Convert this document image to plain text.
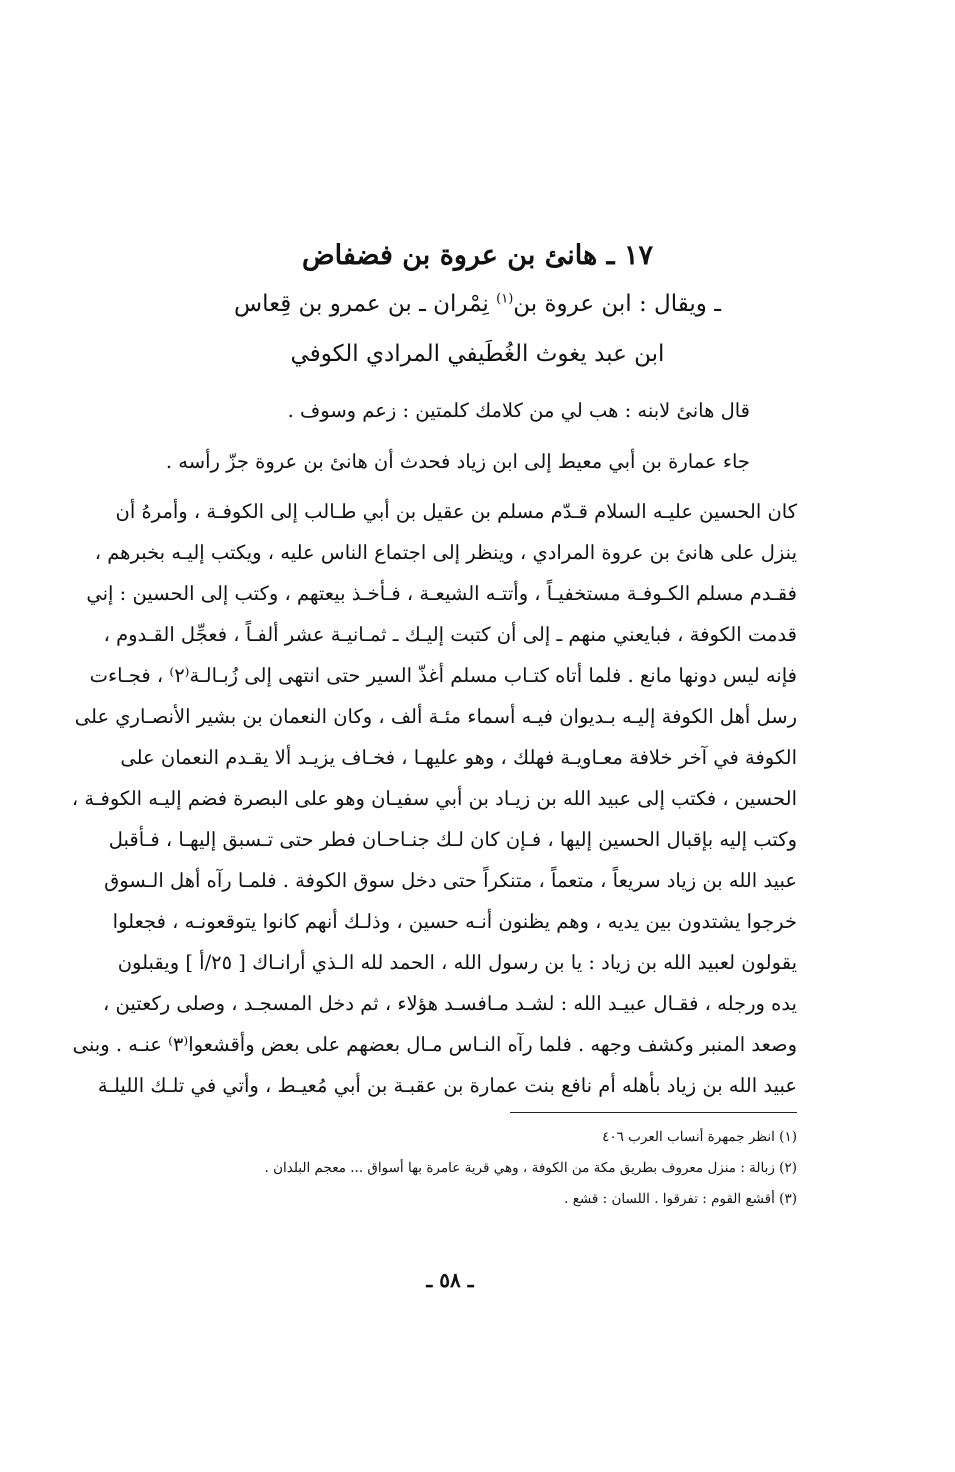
١٧ ـ هانئ بن عروة بن فضفاض
ـ ويقال : ابن عروة بن$^{(١)}$ نِمْران ـ بن عمرو بن قِعاس
ابن عبد يغوث الغُطَيفي المرادي الكوفي
قال هانئ لابنه : هب لي من كلامك كلمتين : زعم وسوف .
جاء عمارة بن أبي معيط إلى ابن زياد فحدث أن هانئ بن عروة جزّ رأسه .
كان الحسين عليـه السلام قـدّم مسلم بن عقيل بن أبي طـالب إلى الكوفـة ، وأمرهُ أن
ينزل على هانئ بن عروة المرادي ، وينظر إلى اجتماع الناس عليه ، ويكتب إليـه بخبرهم ،
فقـدم مسلم الكـوفـة مستخفيـاً ، وأتتـه الشيعـة ، فـأخـذ بيعتهم ، وكتب إلى الحسين : إني
قدمت الكوفة ، فبايعني منهم ـ إلى أن كتبت إليـك ـ ثمـانيـة عشر ألفـاً ، فعجِّل القـدوم ،
فإنه ليس دونها مانع . فلما أتاه كتـاب مسلم أغذّ السير حتى انتهى إلى زُبـالـة⁽٢⁾ ، فجـاءت
رسل أهل الكوفة إليـه بـديوان فيـه أسماء مئـة ألف ، وكان النعمان بن بشير الأنصـاري على
الكوفة في آخر خلافة معـاويـة فهلك ، وهو عليهـا ، فخـاف يزيـد ألا يقـدم النعمان على
الحسين ، فكتب إلى عبيد الله بن زيـاد بن أبي سفيـان وهو على البصرة فضم إليـه الكوفـة ،
وكتب إليه بإقبال الحسين إليها ، فـإن كان لـك جنـاحـان فطر حتى تـسبق إليهـا ، فـأقبل
عبيد الله بن زياد سريعاً ، متعماً ، متنكراً حتى دخل سوق الكوفة . فلمـا رآه أهل الـسوق
خرجوا يشتدون بين يديه ، وهم يظنون أنـه حسين ، وذلـك أنهم كانوا يتوقعونـه ، فجعلوا
يقولون لعبيد الله بن زياد : يا بن رسول الله ، الحمد لله الـذي أرانـاك [ ٢٥/أ ] ويقبلون
يده ورجله ، فقـال عبيـد الله : لشـد مـافسـد هؤلاء ، ثم دخل المسجـد ، وصلى ركعتين ،
وصعد المنبر وكشف وجهه . فلما رآه النـاس مـال بعضهم على بعض وأقشعوا⁽٣⁾ عنـه . وبنى
عبيد الله بن زياد بأهله أم نافع بنت عمارة بن عقبـة بن أبي مُعيـط ، وأتي في تلـك الليلـة
(١) انظر جمهرة أنساب العرب ٤٠٦
(٢) زبالة : منزل معروف بطريق مكة من الكوفة ، وهي قرية عامرة بها أسواق ... معجم البلدان .
(٣) أقشع القوم : تفرقوا . اللسان : قشع .
ـ ٥٨ ـ
